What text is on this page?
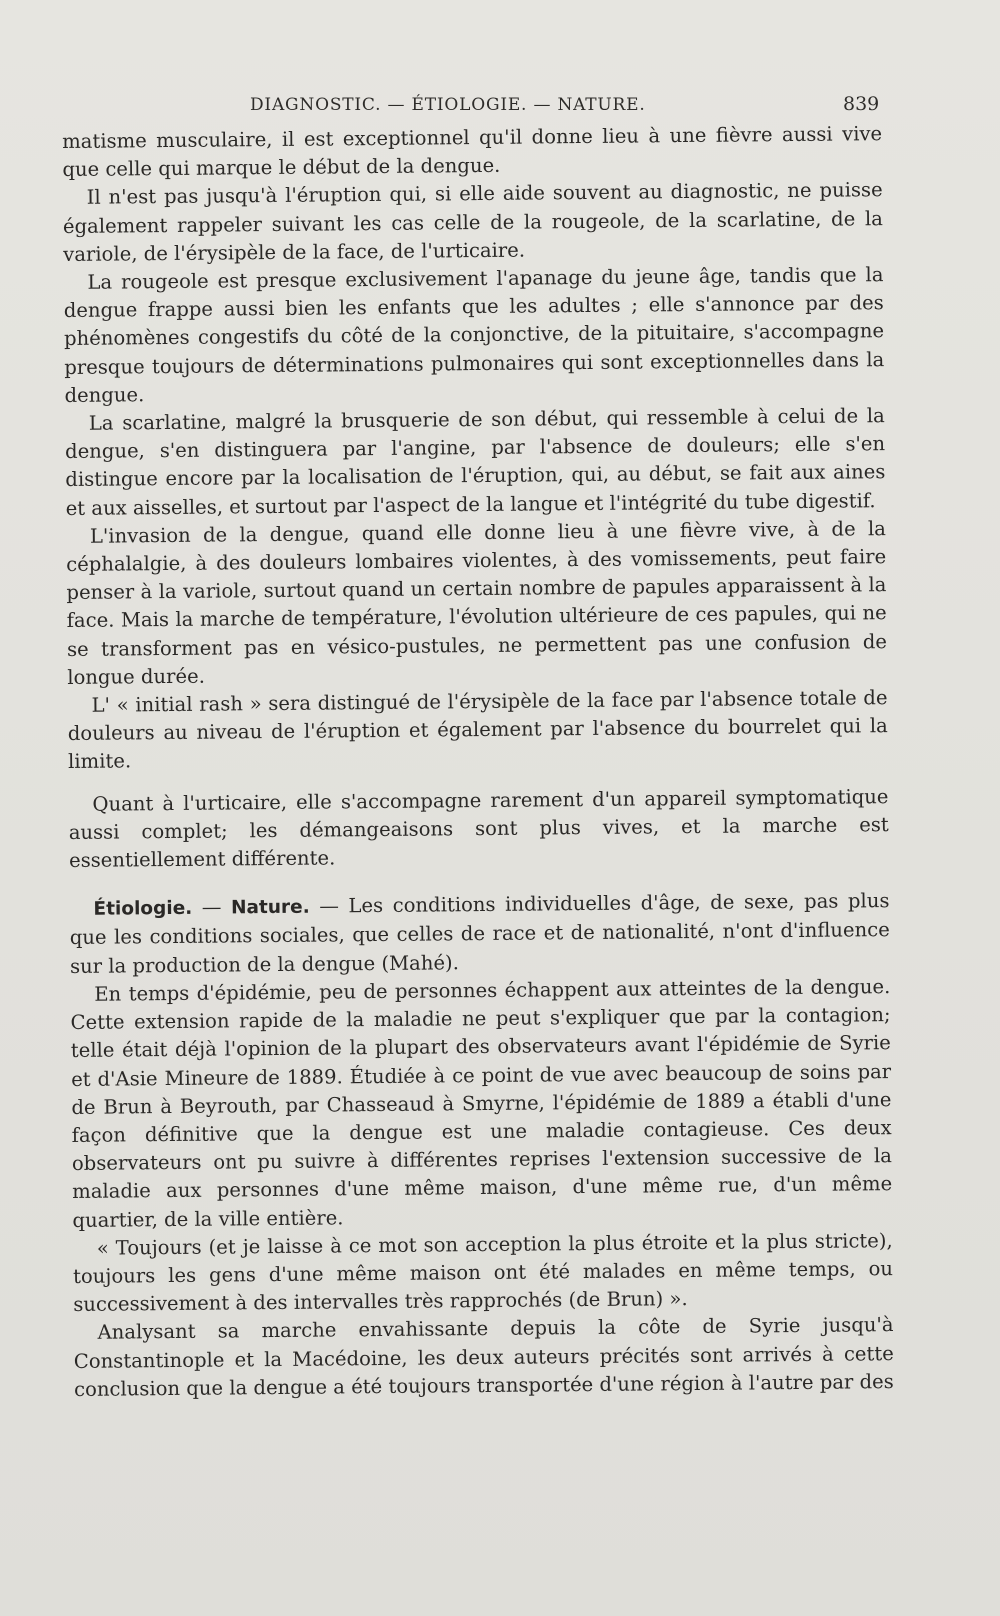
DIAGNOSTIC. — ÉTIOLOGIE. — NATURE.	839

matisme musculaire, il est exceptionnel qu'il donne lieu à une fièvre aussi vive que celle qui marque le début de la dengue.

Il n'est pas jusqu'à l'éruption qui, si elle aide souvent au diagnostic, ne puisse également rappeler suivant les cas celle de la rougeole, de la scarlatine, de la variole, de l'érysipèle de la face, de l'urticaire.

La rougeole est presque exclusivement l'apanage du jeune âge, tandis que la dengue frappe aussi bien les enfants que les adultes ; elle s'annonce par des phénomènes congestifs du côté de la conjonctive, de la pituitaire, s'accompagne presque toujours de déterminations pulmonaires qui sont exceptionnelles dans la dengue.

La scarlatine, malgré la brusquerie de son début, qui ressemble à celui de la dengue, s'en distinguera par l'angine, par l'absence de douleurs; elle s'en distingue encore par la localisation de l'éruption, qui, au début, se fait aux aines et aux aisselles, et surtout par l'aspect de la langue et l'intégrité du tube digestif.

L'invasion de la dengue, quand elle donne lieu à une fièvre vive, à de la céphalalgie, à des douleurs lombaires violentes, à des vomissements, peut faire penser à la variole, surtout quand un certain nombre de papules apparaissent à la face. Mais la marche de température, l'évolution ultérieure de ces papules, qui ne se transforment pas en vésico-pustules, ne permettent pas une confusion de longue durée.

L' « initial rash » sera distingué de l'érysipèle de la face par l'absence totale de douleurs au niveau de l'éruption et également par l'absence du bourrelet qui la limite.

Quant à l'urticaire, elle s'accompagne rarement d'un appareil symptomatique aussi complet; les démangeaisons sont plus vives, et la marche est essentiellement différente.

Étiologie. — Nature. — Les conditions individuelles d'âge, de sexe, pas plus que les conditions sociales, que celles de race et de nationalité, n'ont d'influence sur la production de la dengue (Mahé).

En temps d'épidémie, peu de personnes échappent aux atteintes de la dengue. Cette extension rapide de la maladie ne peut s'expliquer que par la contagion; telle était déjà l'opinion de la plupart des observateurs avant l'épidémie de Syrie et d'Asie Mineure de 1889. Étudiée à ce point de vue avec beaucoup de soins par de Brun à Beyrouth, par Chasseaud à Smyrne, l'épidémie de 1889 a établi d'une façon définitive que la dengue est une maladie contagieuse. Ces deux observateurs ont pu suivre à différentes reprises l'extension successive de la maladie aux personnes d'une même maison, d'une même rue, d'un même quartier, de la ville entière.

« Toujours (et je laisse à ce mot son acception la plus étroite et la plus stricte), toujours les gens d'une même maison ont été malades en même temps, ou successivement à des intervalles très rapprochés (de Brun) ».

Analysant sa marche envahissante depuis la côte de Syrie jusqu'à Constantinople et la Macédoine, les deux auteurs précités sont arrivés à cette conclusion que la dengue a été toujours transportée d'une région à l'autre par des
